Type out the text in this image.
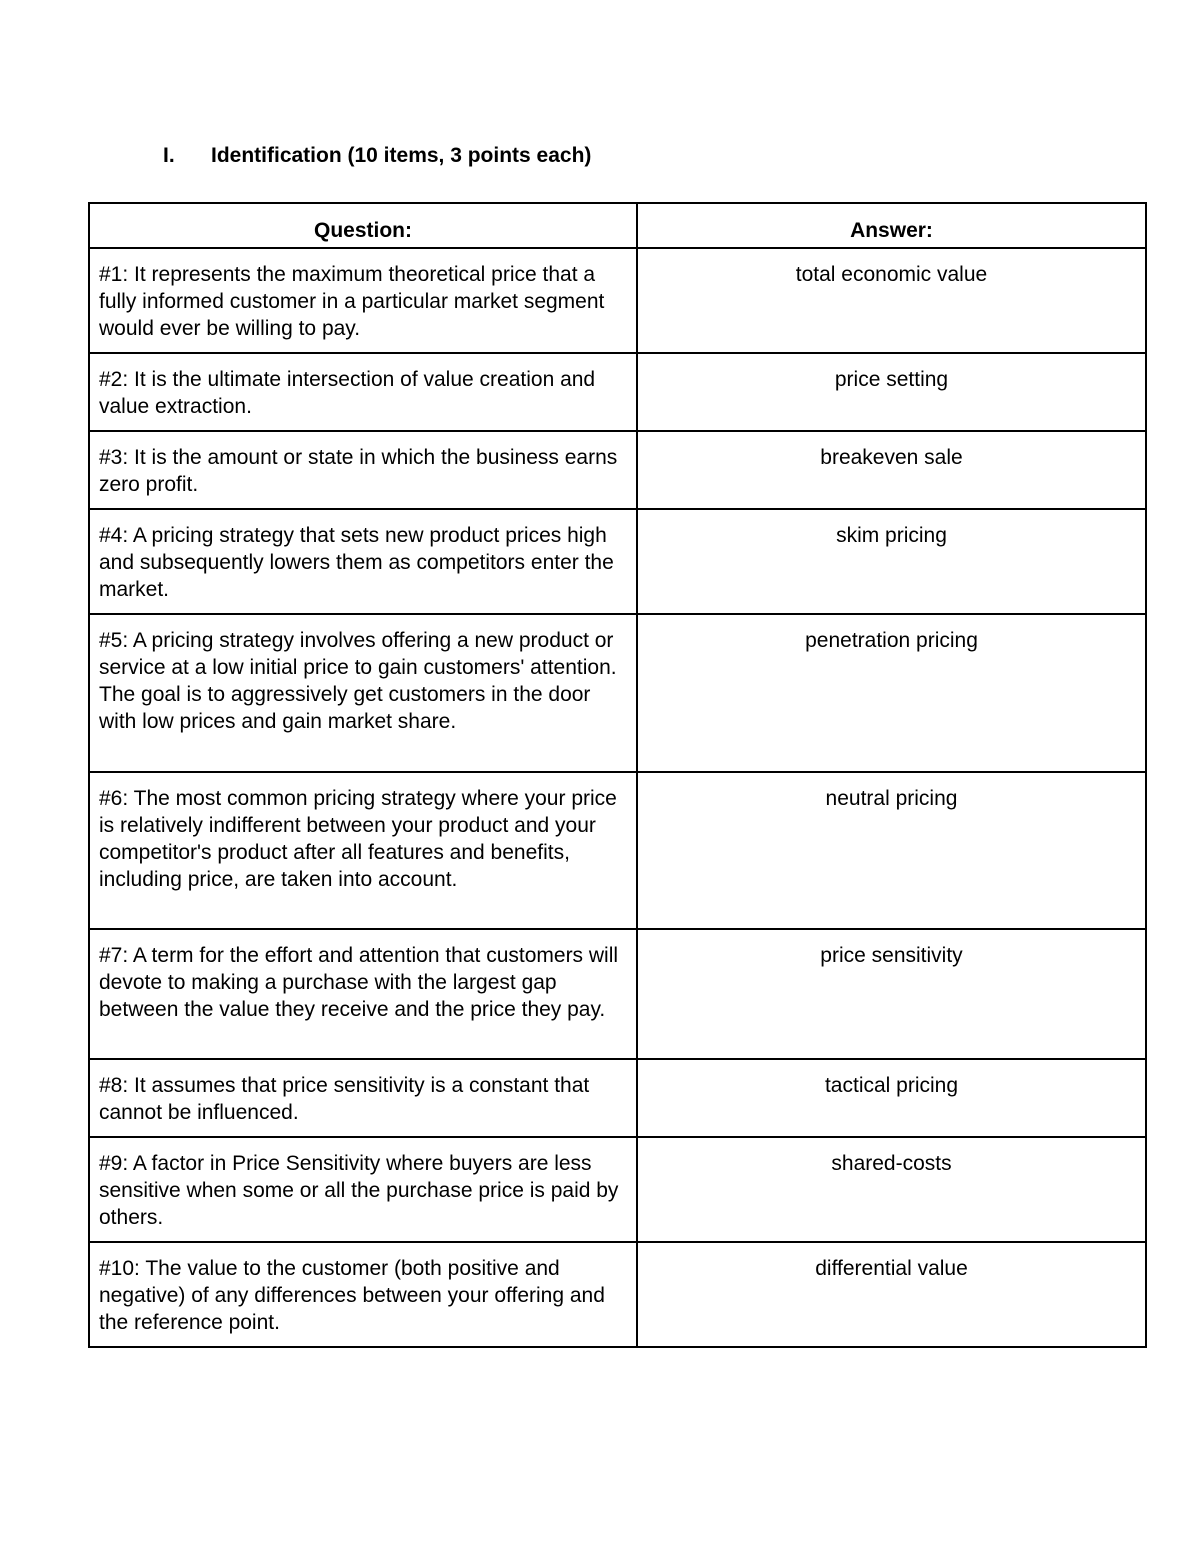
I. Identification (10 items, 3 points each)
Question:	Answer:
#1: It represents the maximum theoretical price that a fully informed customer in a particular market segment would ever be willing to pay.	total economic value
#2: It is the ultimate intersection of value creation and value extraction.	price setting
#3: It is the amount or state in which the business earns zero profit.	breakeven sale
#4: A pricing strategy that sets new product prices high and subsequently lowers them as competitors enter the market.	skim pricing
#5: A pricing strategy involves offering a new product or service at a low initial price to gain customers' attention. The goal is to aggressively get customers in the door with low prices and gain market share.	penetration pricing
#6: The most common pricing strategy where your price is relatively indifferent between your product and your competitor's product after all features and benefits, including price, are taken into account.	neutral pricing
#7: A term for the effort and attention that customers will devote to making a purchase with the largest gap between the value they receive and the price they pay.	price sensitivity
#8: It assumes that price sensitivity is a constant that cannot be influenced.	tactical pricing
#9: A factor in Price Sensitivity where buyers are less sensitive when some or all the purchase price is paid by others.	shared-costs
#10: The value to the customer (both positive and negative) of any differences between your offering and the reference point.	differential value
